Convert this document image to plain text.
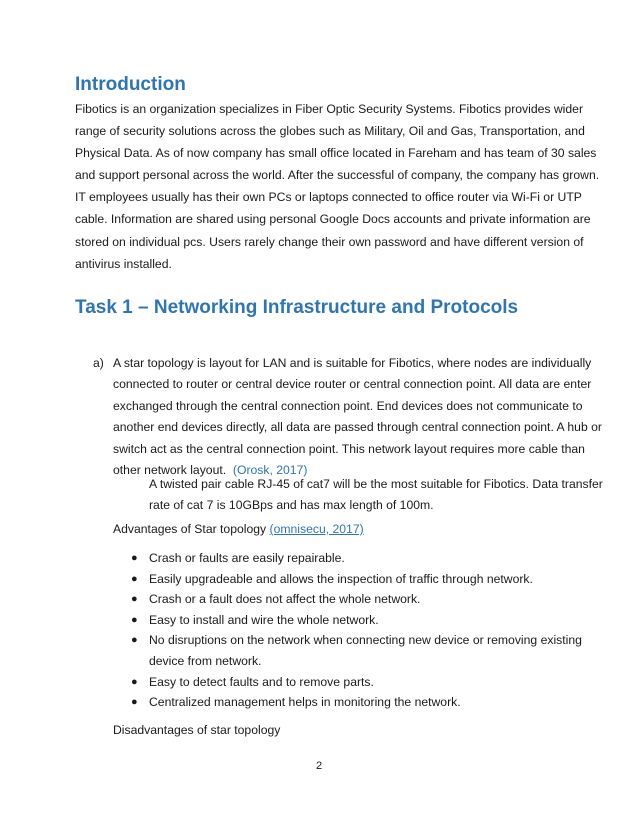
Introduction

Fibotics is an organization specializes in Fiber Optic Security Systems. Fibotics provides wider
range of security solutions across the globes such as Military, Oil and Gas, Transportation, and
Physical Data. As of now company has small office located in Fareham and has team of 30 sales
and support personal across the world. After the successful of company, the company has grown.
IT employees usually has their own PCs or laptops connected to office router via Wi-Fi or UTP
cable. Information are shared using personal Google Docs accounts and private information are
stored on individual pcs. Users rarely change their own password and have different version of
antivirus installed.

Task 1 – Networking Infrastructure and Protocols
a) A star topology is layout for LAN and is suitable for Fibotics, where nodes are individually
connected to router or central device router or central connection point. All data are enter
exchanged through the central connection point. End devices does not communicate to
another end devices directly, all data are passed through central connection point. A hub or
switch act as the central connection point. This network layout requires more cable than
other network layout.  (Orosk, 2017)
A twisted pair cable RJ-45 of cat7 will be the most suitable for Fibotics. Data transfer
rate of cat 7 is 10GBps and has max length of 100m.
Advantages of Star topology (omnisecu, 2017)
● Crash or faults are easily repairable.
● Easily upgradeable and allows the inspection of traffic through network.
● Crash or a fault does not affect the whole network.
● Easy to install and wire the whole network.
● No disruptions on the network when connecting new device or removing existing
device from network.
● Easy to detect faults and to remove parts.
● Centralized management helps in monitoring the network.
Disadvantages of star topology
2
